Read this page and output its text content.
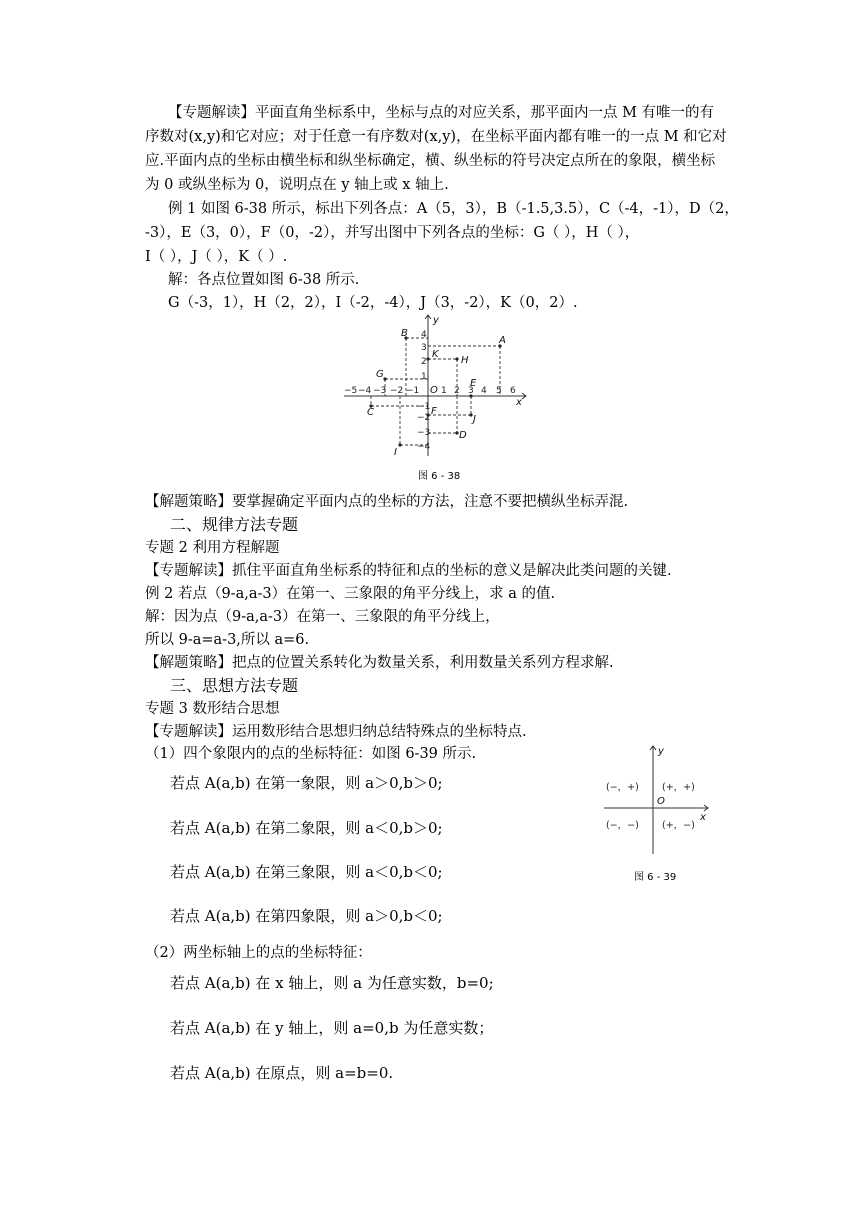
【专题解读】平面直角坐标系中，坐标与点的对应关系，那平面内一点 M 有唯一的有
序数对(x,y)和它对应；对于任意一有序数对(x,y)，在坐标平面内都有唯一的一点 M 和它对
应.平面内点的坐标由横坐标和纵坐标确定，横、纵坐标的符号决定点所在的象限，横坐标
为 0 或纵坐标为 0，说明点在 y 轴上或 x 轴上.
例 1 如图 6-38 所示，标出下列各点：A（5，3），B（-1.5,3.5），C（-4，-1），D（2，
-3），E（3，0），F（0，-2），并写出图中下列各点的坐标：G（ ），H（ ），
I（ ），J（ ），K（ ）.
解：各点位置如图 6-38 所示.
G（-3，1），H（2，2），I（-2，-4），J（3，-2），K（0，2）.
−5 −4 −3 −2 −1 1 2 3 4 5 6
4
3
2
1
−1
−2
−3
−4
x
y
O
A
B
C
D
E
F
G
H
I
J
K
图 6 - 38
【解题策略】要掌握确定平面内点的坐标的方法，注意不要把横纵坐标弄混.
二、规律方法专题
专题 2 利用方程解题
【专题解读】抓住平面直角坐标系的特征和点的坐标的意义是解决此类问题的关键.
例 2 若点（9-a,a-3）在第一、三象限的角平分线上，求 a 的值.
解：因为点（9-a,a-3）在第一、三象限的角平分线上，
所以 9-a=a-3,所以 a=6.
【解题策略】把点的位置关系转化为数量关系，利用数量关系列方程求解.
三、思想方法专题
专题 3 数形结合思想
【专题解读】运用数形结合思想归纳总结特殊点的坐标特点.
（1）四个象限内的点的坐标特征：如图 6-39 所示.
若点 A(a,b) 在第一象限，则 a＞0,b＞0;
若点 A(a,b) 在第二象限，则 a＜0,b＞0;
若点 A(a,b) 在第三象限，则 a＜0,b＜0;
若点 A(a,b) 在第四象限，则 a＞0,b＜0;
(−，+) (+，+)
(−，−) (+，−)
O
x
y
图 6 - 39
（2）两坐标轴上的点的坐标特征：
若点 A(a,b) 在 x 轴上，则 a 为任意实数，b=0;
若点 A(a,b) 在 y 轴上，则 a=0,b 为任意实数；
若点 A(a,b) 在原点，则 a=b=0.
